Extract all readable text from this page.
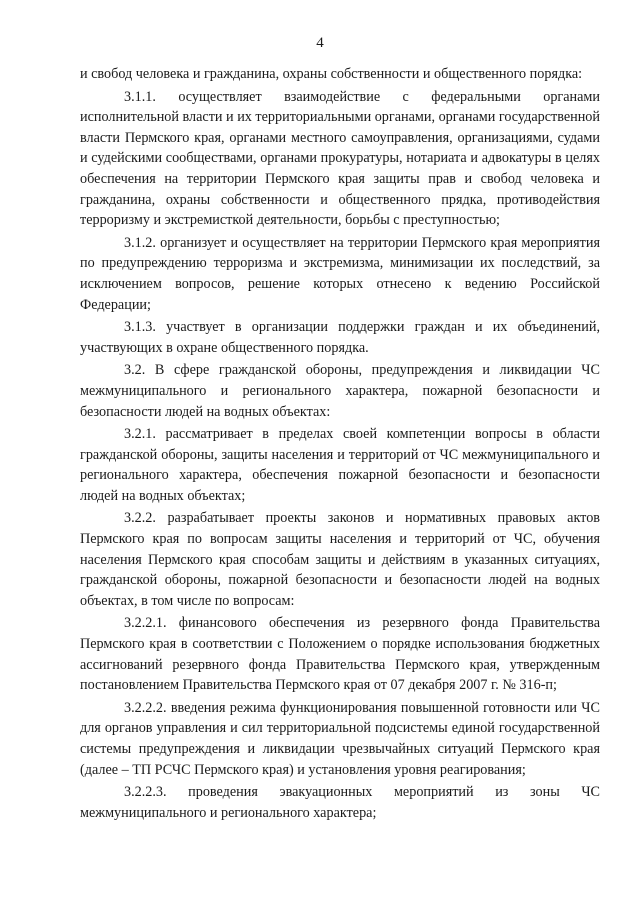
4

и свобод человека и гражданина, охраны собственности и общественного порядка:

3.1.1. осуществляет взаимодействие с федеральными органами исполнительной власти и их территориальными органами, органами государственной власти Пермского края, органами местного самоуправления, организациями, судами и судейскими сообществами, органами прокуратуры, нотариата и адвокатуры в целях обеспечения на территории Пермского края защиты прав и свобод человека и гражданина, охраны собственности и общественного прядка, противодействия терроризму и экстремисткой деятельности, борьбы с преступностью;

3.1.2. организует и осуществляет на территории Пермского края мероприятия по предупреждению терроризма и экстремизма, минимизации их последствий, за исключением вопросов, решение которых отнесено к ведению Российской Федерации;

3.1.3. участвует в организации поддержки граждан и их объединений, участвующих в охране общественного порядка.

3.2. В сфере гражданской обороны, предупреждения и ликвидации ЧС межмуниципального и регионального характера, пожарной безопасности и безопасности людей на водных объектах:

3.2.1. рассматривает в пределах своей компетенции вопросы в области гражданской обороны, защиты населения и территорий от ЧС межмуниципального и регионального характера, обеспечения пожарной безопасности и безопасности людей на водных объектах;

3.2.2. разрабатывает проекты законов и нормативных правовых актов Пермского края по вопросам защиты населения и территорий от ЧС, обучения населения Пермского края способам защиты и действиям в указанных ситуациях, гражданской обороны, пожарной безопасности и безопасности людей на водных объектах, в том числе по вопросам:

3.2.2.1. финансового обеспечения из резервного фонда Правительства Пермского края в соответствии с Положением о порядке использования бюджетных ассигнований резервного фонда Правительства Пермского края, утвержденным постановлением Правительства Пермского края от 07 декабря 2007 г. № 316-п;

3.2.2.2. введения режима функционирования повышенной готовности или ЧС для органов управления и сил территориальной подсистемы единой государственной системы предупреждения и ликвидации чрезвычайных ситуаций Пермского края (далее – ТП РСЧС Пермского края) и установления уровня реагирования;

3.2.2.3. проведения эвакуационных мероприятий из зоны ЧС межмуниципального и регионального характера;
